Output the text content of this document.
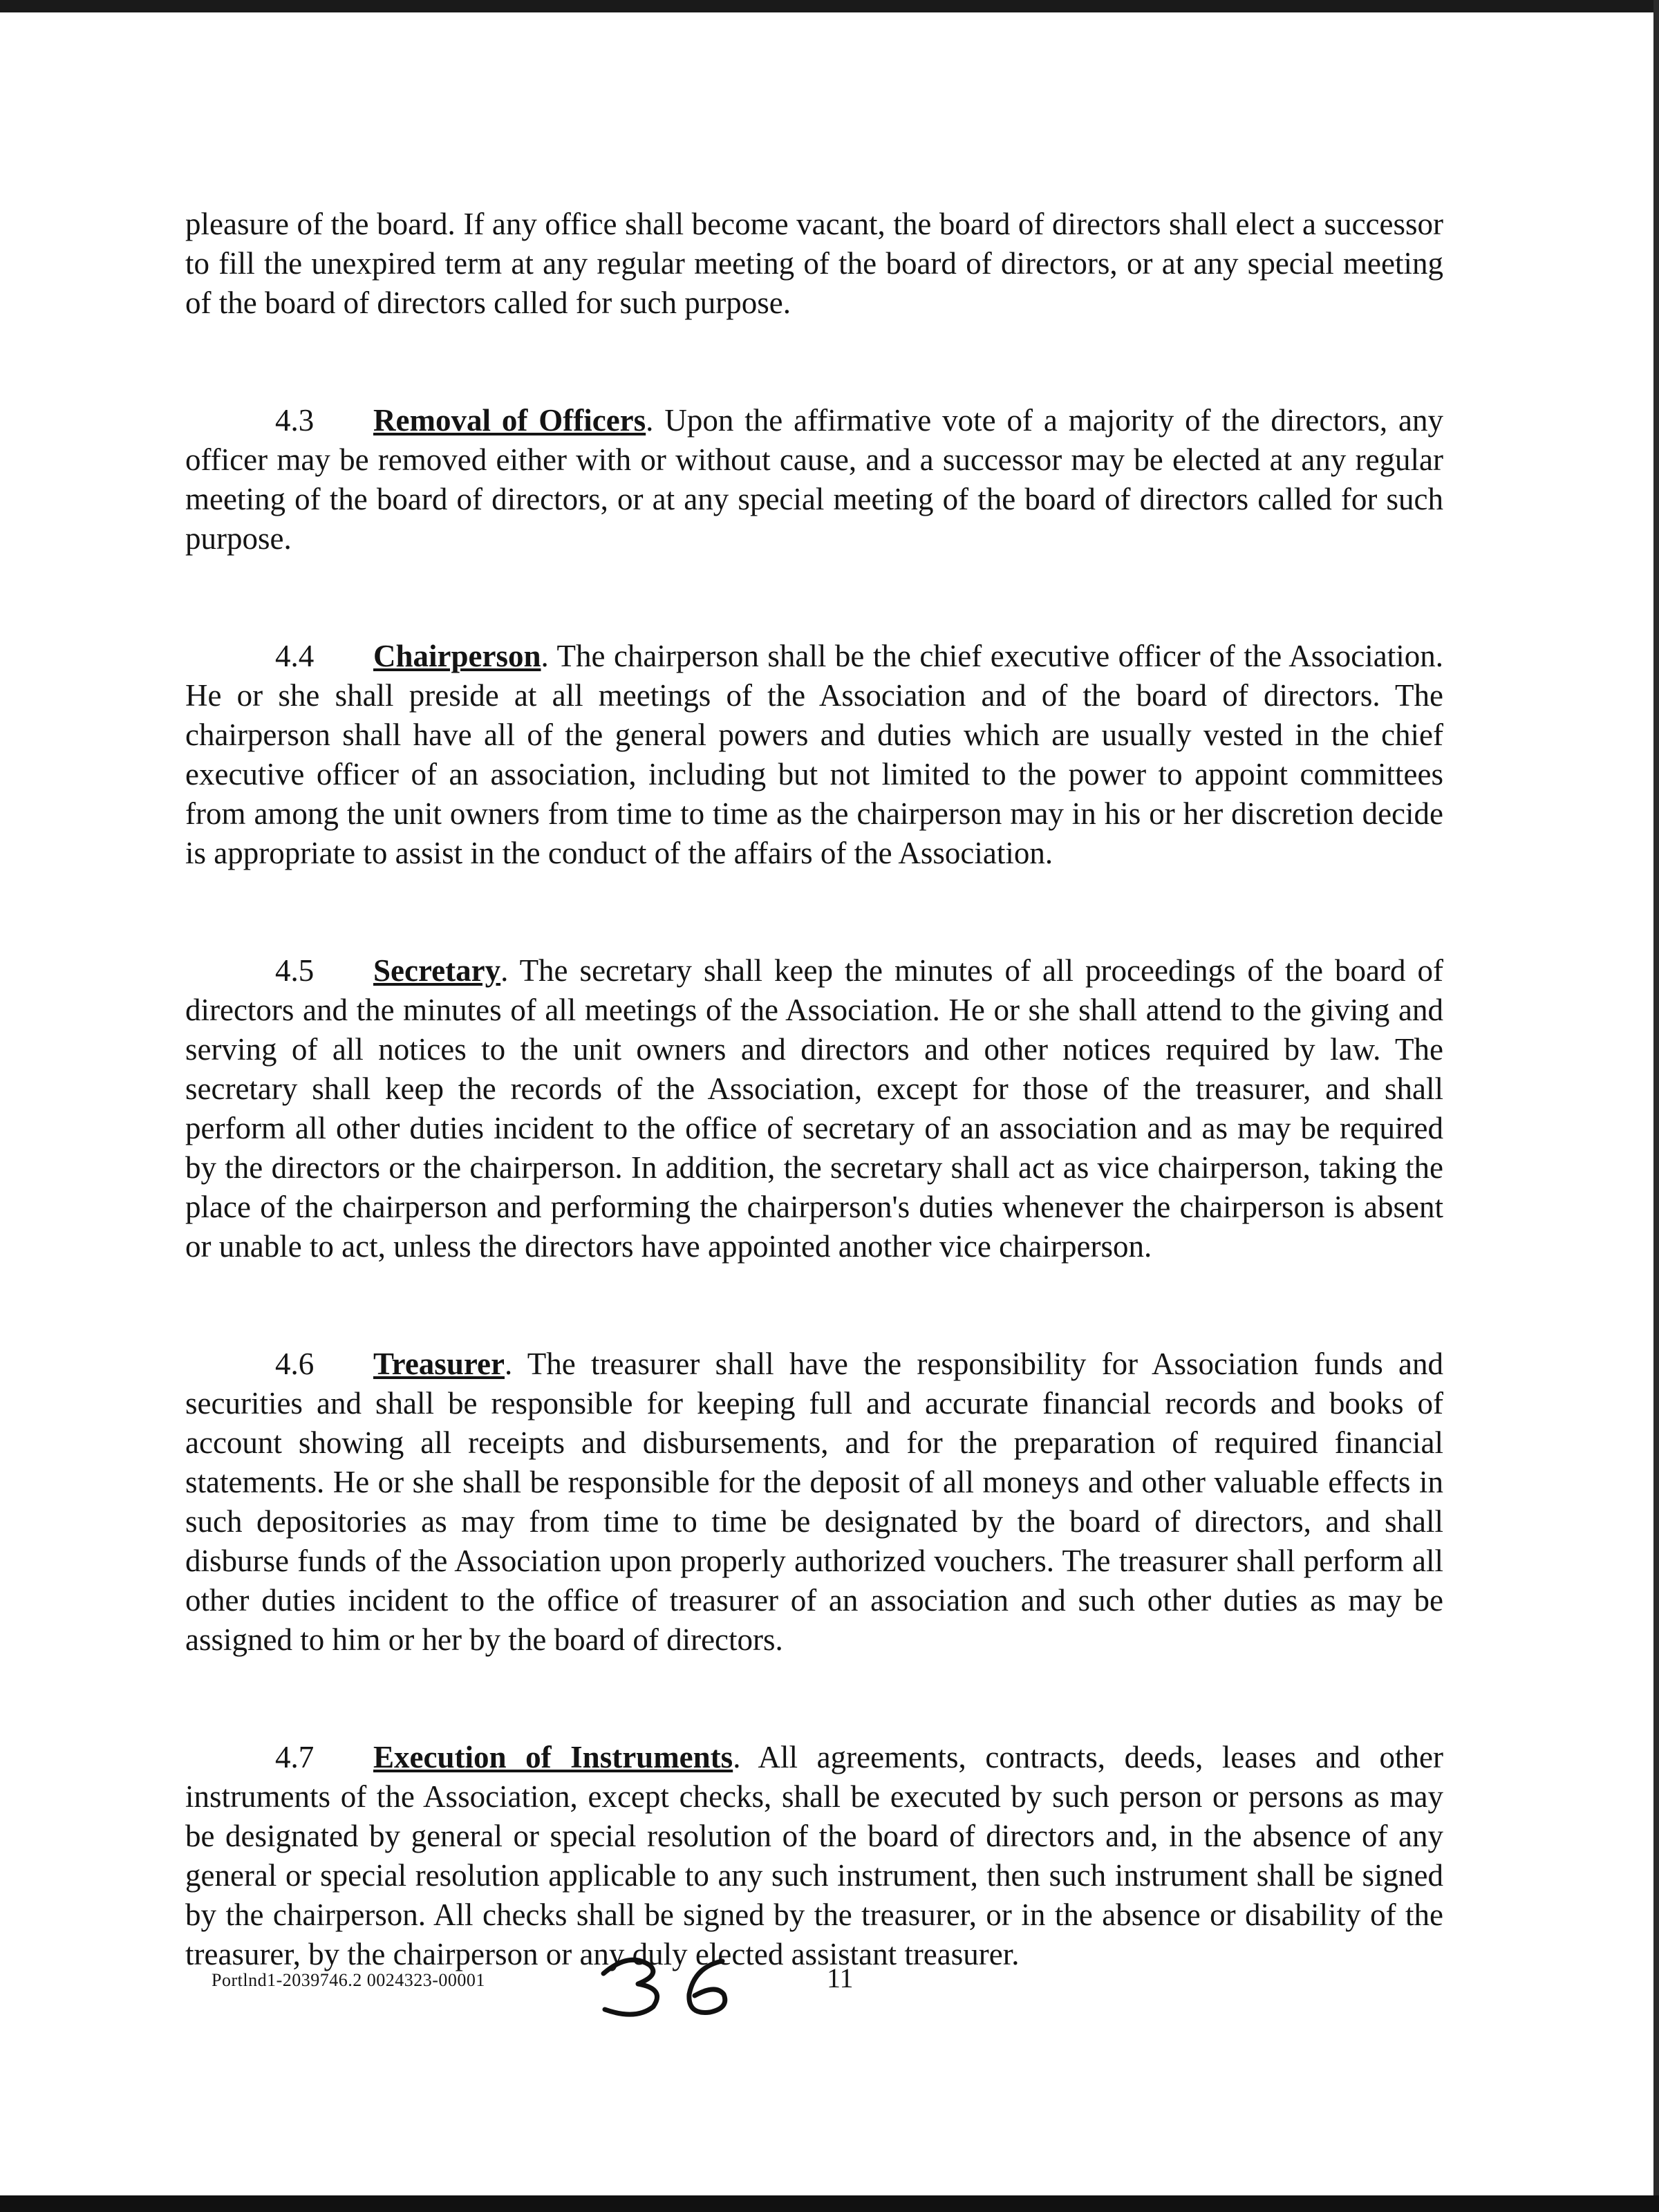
pleasure of the board. If any office shall become vacant, the board of directors shall elect a successor to fill the unexpired term at any regular meeting of the board of directors, or at any special meeting of the board of directors called for such purpose.

4.3 Removal of Officers. Upon the affirmative vote of a majority of the directors, any officer may be removed either with or without cause, and a successor may be elected at any regular meeting of the board of directors, or at any special meeting of the board of directors called for such purpose.

4.4 Chairperson. The chairperson shall be the chief executive officer of the Association. He or she shall preside at all meetings of the Association and of the board of directors. The chairperson shall have all of the general powers and duties which are usually vested in the chief executive officer of an association, including but not limited to the power to appoint committees from among the unit owners from time to time as the chairperson may in his or her discretion decide is appropriate to assist in the conduct of the affairs of the Association.

4.5 Secretary. The secretary shall keep the minutes of all proceedings of the board of directors and the minutes of all meetings of the Association. He or she shall attend to the giving and serving of all notices to the unit owners and directors and other notices required by law. The secretary shall keep the records of the Association, except for those of the treasurer, and shall perform all other duties incident to the office of secretary of an association and as may be required by the directors or the chairperson. In addition, the secretary shall act as vice chairperson, taking the place of the chairperson and performing the chairperson's duties whenever the chairperson is absent or unable to act, unless the directors have appointed another vice chairperson.

4.6 Treasurer. The treasurer shall have the responsibility for Association funds and securities and shall be responsible for keeping full and accurate financial records and books of account showing all receipts and disbursements, and for the preparation of required financial statements. He or she shall be responsible for the deposit of all moneys and other valuable effects in such depositories as may from time to time be designated by the board of directors, and shall disburse funds of the Association upon properly authorized vouchers. The treasurer shall perform all other duties incident to the office of treasurer of an association and such other duties as may be assigned to him or her by the board of directors.

4.7 Execution of Instruments. All agreements, contracts, deeds, leases and other instruments of the Association, except checks, shall be executed by such person or persons as may be designated by general or special resolution of the board of directors and, in the absence of any general or special resolution applicable to any such instrument, then such instrument shall be signed by the chairperson. All checks shall be signed by the treasurer, or in the absence or disability of the treasurer, by the chairperson or any duly elected assistant treasurer.

Portlnd1-2039746.2 0024323-00001	11
